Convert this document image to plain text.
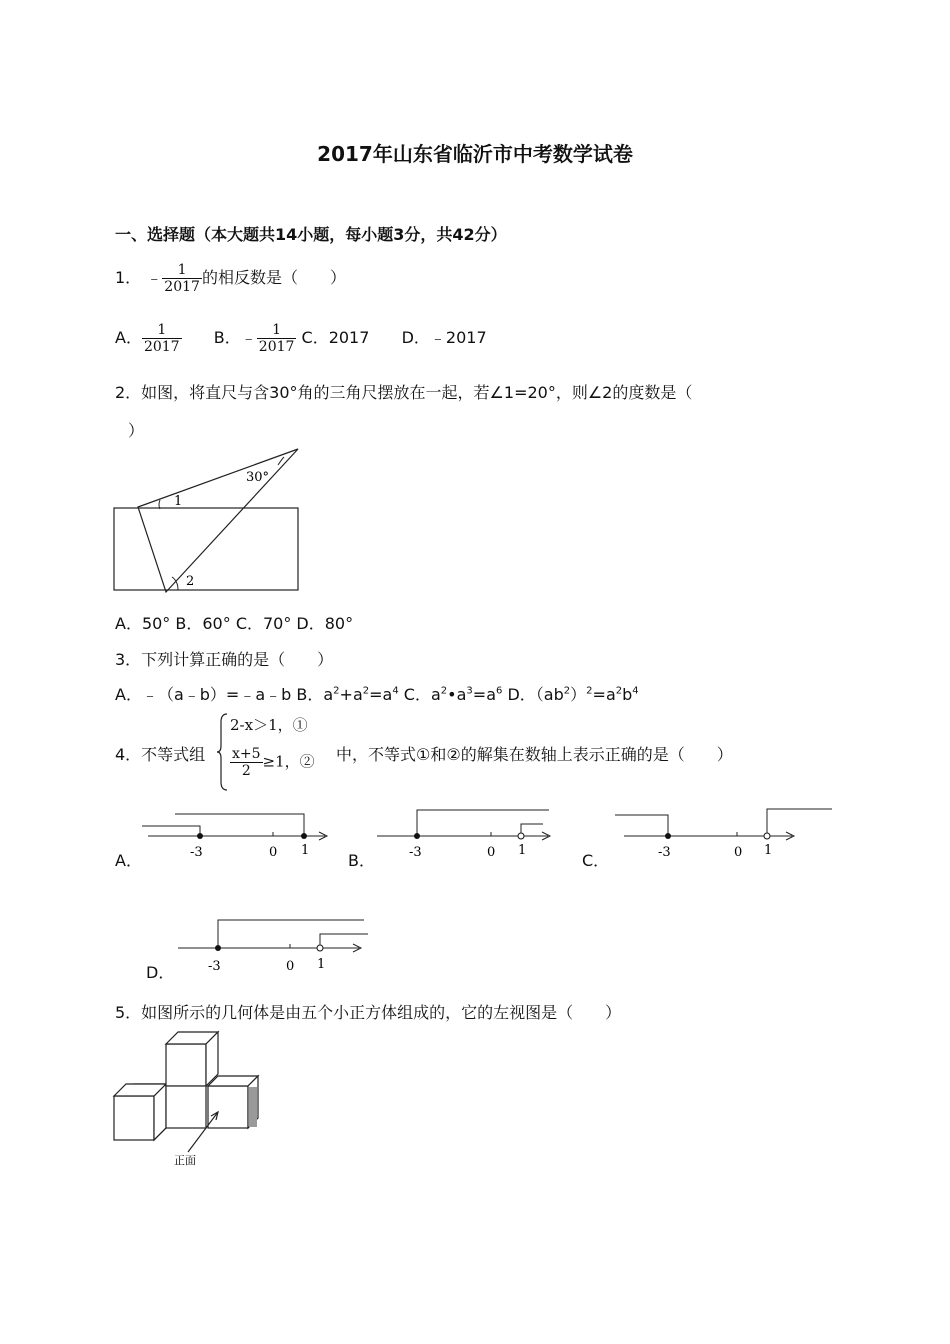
2017年山东省临沂市中考数学试卷
一、选择题（本大题共14小题，每小题3分，共42分）
1． ﹣ $\frac{1}{2017}$ 的相反数是（　　）
A． $\frac{1}{2017}$ B．﹣ $\frac{1}{2017}$ C．2017 D．﹣2017
2．如图，将直尺与含30°角的三角尺摆放在一起，若∠1=20°，则∠2的度数是（
）
30°
1
2
A．50° B．60° C．70° D．80°
3．下列计算正确的是（　　）
A．﹣（a﹣b）=﹣a﹣b B．$a^2+a^2=a^4$ C．$a^2•a^3=a^6$ D．$(ab^2)^2=a^2b^4$
4．不等式组
2-x＞1，①
$\frac{x+5}{2} \ge 1$，② 中，不等式①和②的解集在数轴上表示正确的是（　　）
A．	-3	0 1
B．	-3	0 1
C．	-3	0 1
D．	-3	0 1
5．如图所示的几何体是由五个小正方体组成的，它的左视图是（　　）
正面
